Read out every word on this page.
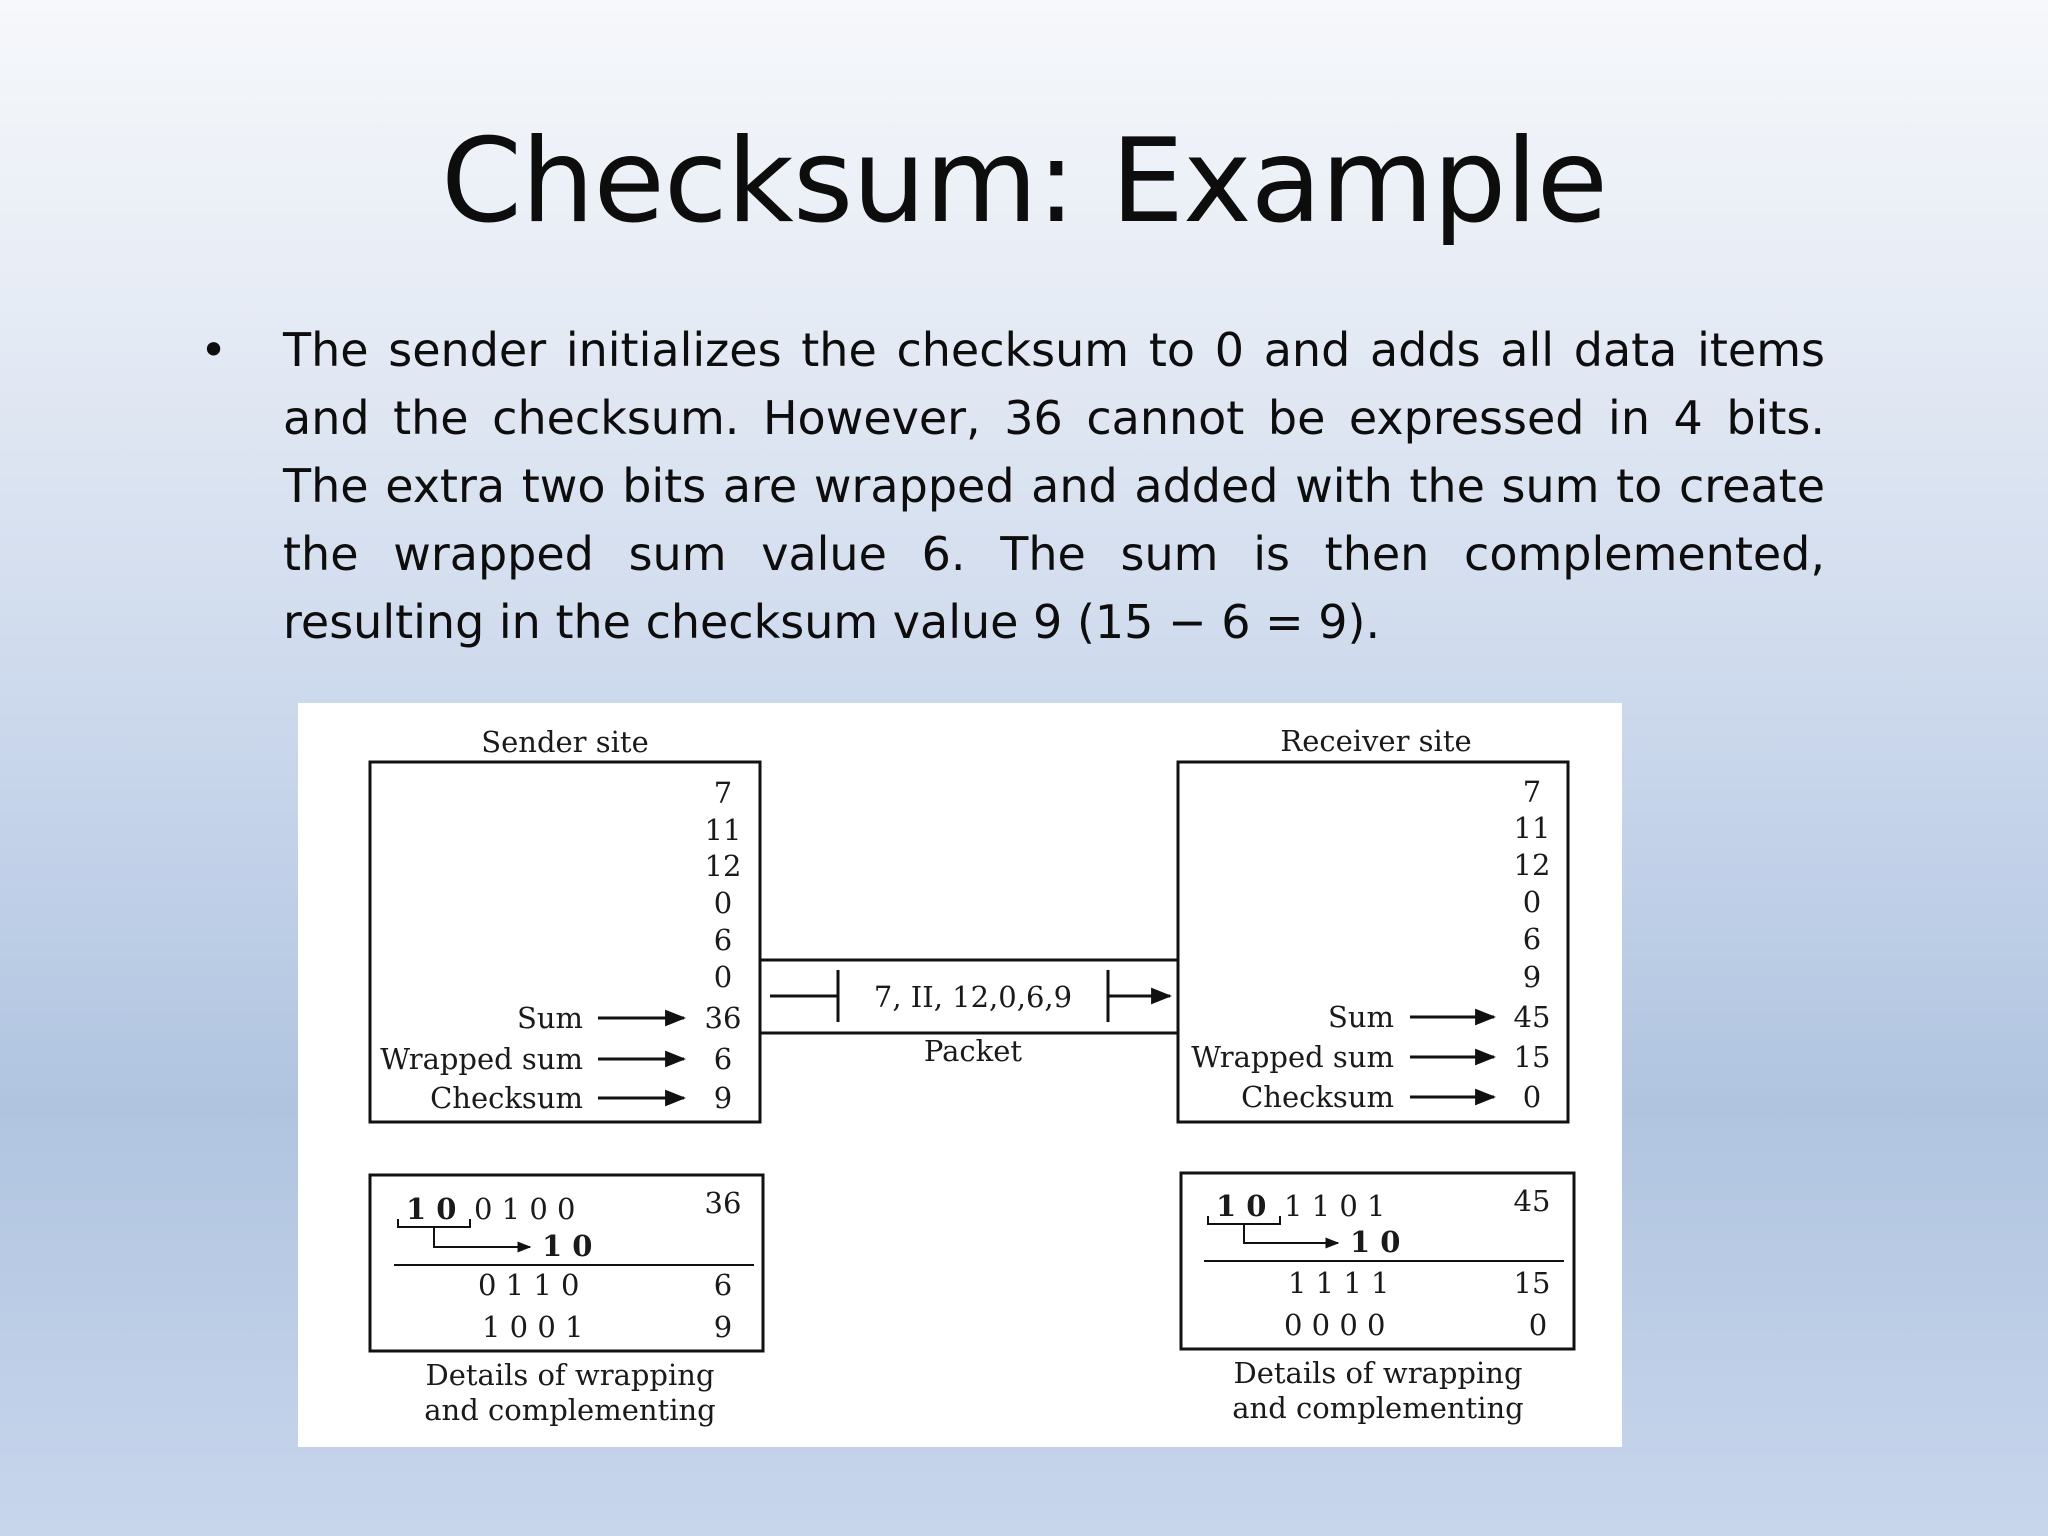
Checksum: Example
• The sender initializes the checksum to 0 and adds all data items and the checksum. However, 36 cannot be expressed in 4 bits. The extra two bits are wrapped and added with the sum to create the wrapped sum value 6. The sum is then complemented, resulting in the checksum value 9 (15 − 6 = 9).

Sender site
7
11
12
0
6
0
Sum	36
Wrapped sum	6
Checksum	9
1 0 0 1 0 0	36
1 0
0 1 1 0	6
1 0 0 1	9
Details of wrapping
and complementing
7, II, 12,0,6,9
Packet
Receiver site
7
11
12
0
6
9
Sum	45
Wrapped sum	15
Checksum	0
1 0 1 1 0 1	45
1 0
1 1 1 1	15
0 0 0 0	0
Details of wrapping
and complementing
